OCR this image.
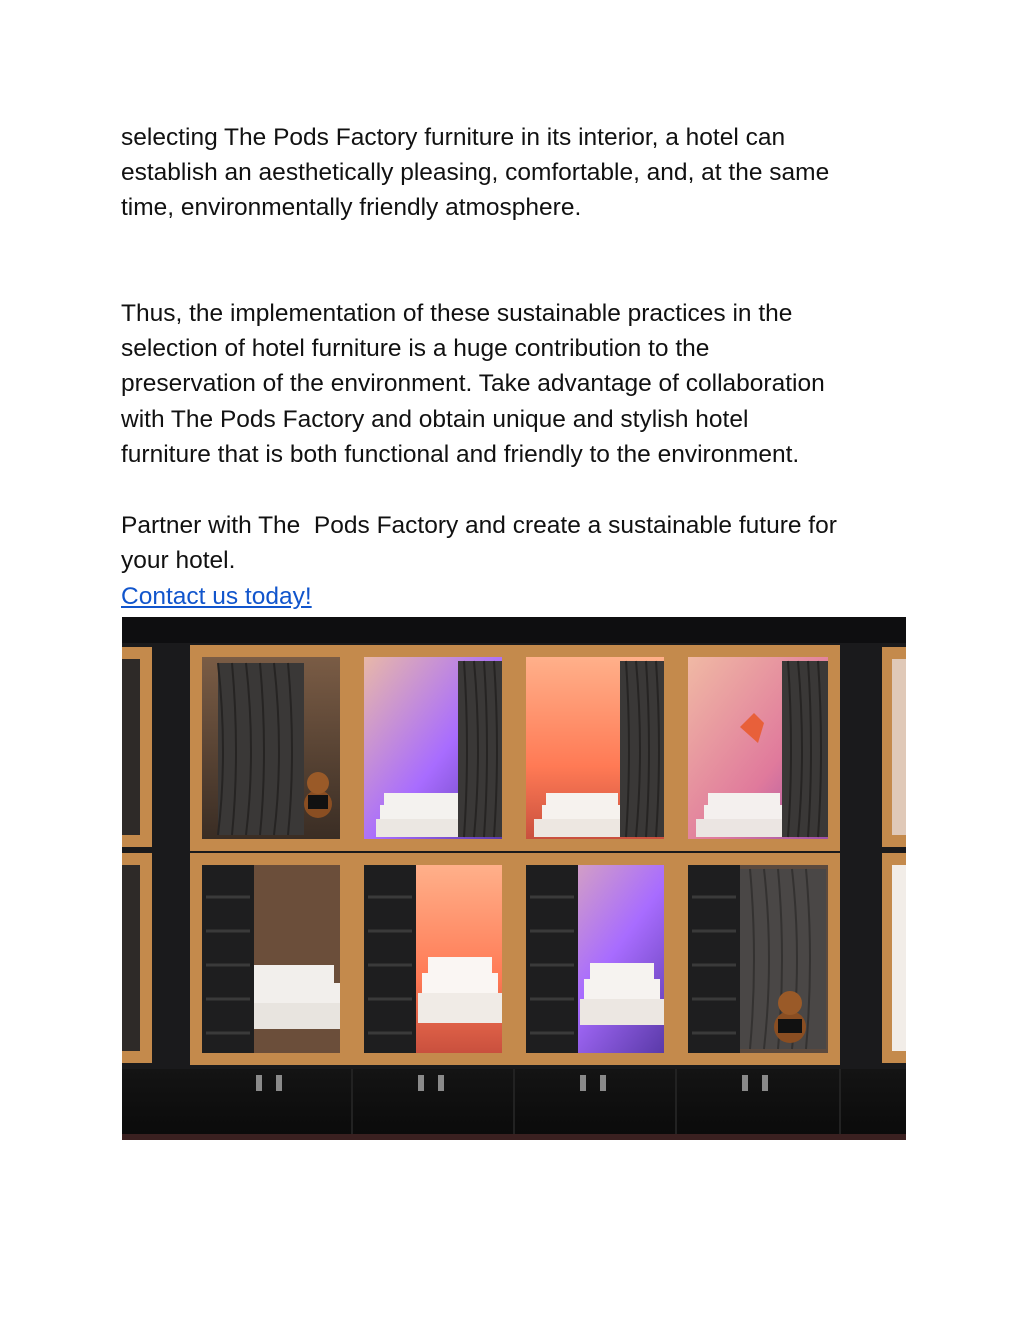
selecting The Pods Factory furniture in its interior, a hotel can
establish an aesthetically pleasing, comfortable, and, at the same
time, environmentally friendly atmosphere.

Thus, the implementation of these sustainable practices in the
selection of hotel furniture is a huge contribution to the
preservation of the environment. Take advantage of collaboration
with The Pods Factory and obtain unique and stylish hotel
furniture that is both functional and friendly to the environment.

Partner with The  Pods Factory and create a sustainable future for
your hotel.

Contact us today!
